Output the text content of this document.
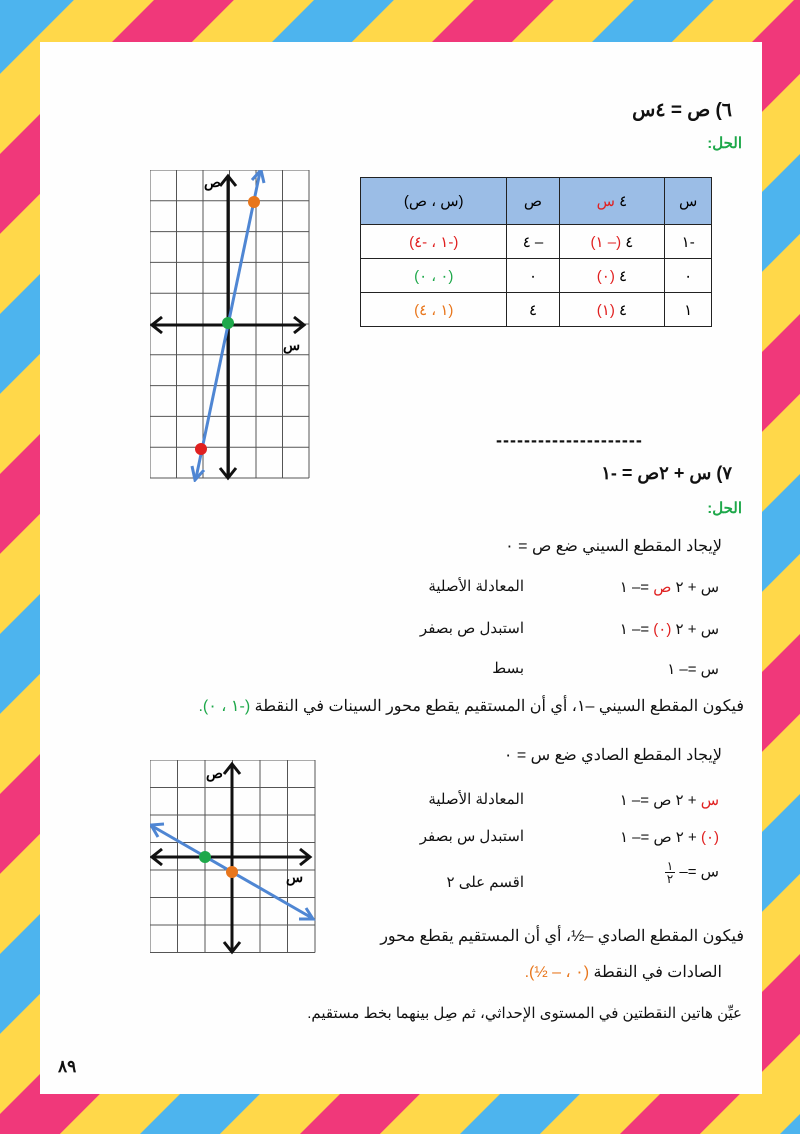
٦) ص = ٤س
الحل:
س	٤ س	ص	(س ، ص)
-١	٤ (– ١)	– ٤	(-١ ، -٤)
٠	٤ (٠)	٠	(٠ ، ٠)
١	٤ (١)	٤	(١ ، ٤)
ص
س
---------------------
٧) س + ٢ص = -١
الحل:
لإيجاد المقطع السيني ضع ص = ٠
س + ٢ ص =– ١
المعادلة الأصلية
س + ٢ (٠) =– ١
استبدل ص بصفر
س =– ١
بسط
فيكون المقطع السيني –١، أي أن المستقيم يقطع محور السينات في النقطة (-١ ، ٠).
لإيجاد المقطع الصادي ضع س = ٠
س + ٢ ص =– ١
المعادلة الأصلية
(٠) + ٢ ص =– ١
استبدل س بصفر
س =–
$\frac{١}{٢}$
اقسم على ٢
فيكون المقطع الصادي –½، أي أن المستقيم يقطع محور
الصادات في النقطة (٠ ، – ½).
عيِّن هاتين النقطتين في المستوى الإحداثي، ثم صِل بينهما بخط مستقيم.
ص
س
٨٩
